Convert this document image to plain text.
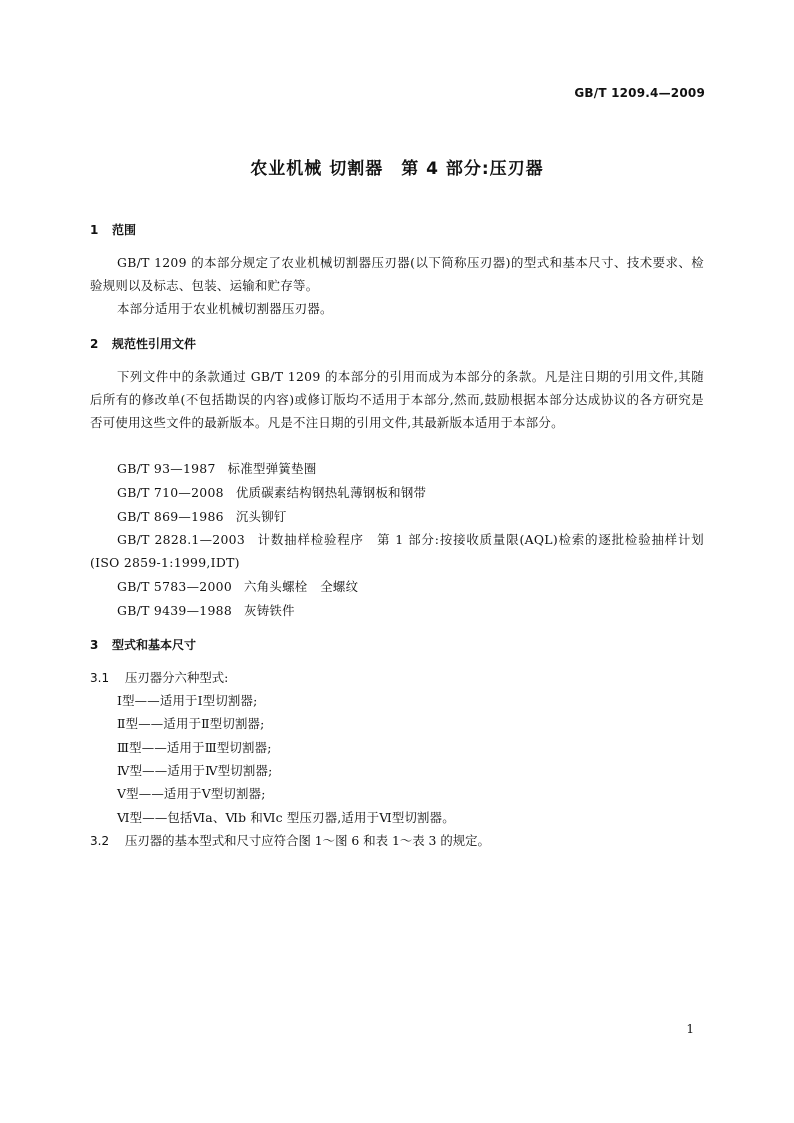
GB/T 1209.4—2009
农业机械 切割器　第 4 部分:压刃器
1 范围
GB/T 1209 的本部分规定了农业机械切割器压刃器(以下简称压刃器)的型式和基本尺寸、技术要求、检验规则以及标志、包装、运输和贮存等。
本部分适用于农业机械切割器压刃器。
2 规范性引用文件
下列文件中的条款通过 GB/T 1209 的本部分的引用而成为本部分的条款。凡是注日期的引用文件,其随后所有的修改单(不包括勘误的内容)或修订版均不适用于本部分,然而,鼓励根据本部分达成协议的各方研究是否可使用这些文件的最新版本。凡是不注日期的引用文件,其最新版本适用于本部分。
GB/T 93—1987 标准型弹簧垫圈
GB/T 710—2008 优质碳素结构钢热轧薄钢板和钢带
GB/T 869—1986 沉头铆钉
GB/T 2828.1—2003 计数抽样检验程序　第 1 部分:按接收质量限(AQL)检索的逐批检验抽样计划(ISO 2859-1:1999,IDT)
GB/T 5783—2000 六角头螺栓　全螺纹
GB/T 9439—1988 灰铸铁件
3 型式和基本尺寸
3.1 压刃器分六种型式:
Ⅰ型——适用于Ⅰ型切割器;
Ⅱ型——适用于Ⅱ型切割器;
Ⅲ型——适用于Ⅲ型切割器;
Ⅳ型——适用于Ⅳ型切割器;
Ⅴ型——适用于Ⅴ型切割器;
Ⅵ型——包括Ⅵa、Ⅵb 和Ⅵc 型压刃器,适用于Ⅵ型切割器。
3.2 压刃器的基本型式和尺寸应符合图 1～图 6 和表 1～表 3 的规定。
1
